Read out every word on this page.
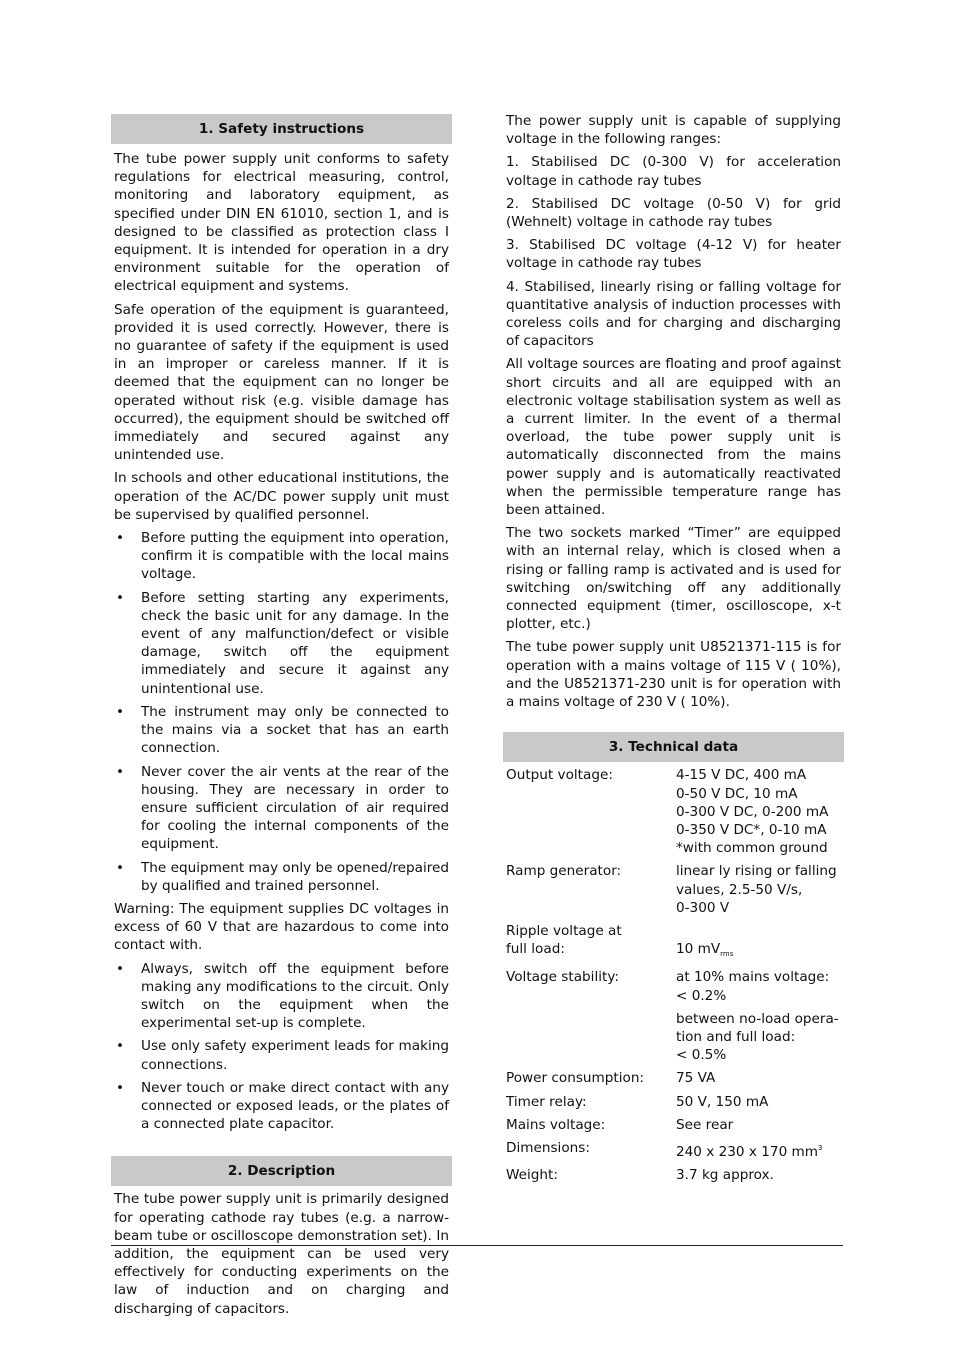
1. Safety instructions

The tube power supply unit conforms to safety regulations for electrical measuring, control, monitoring and laboratory equipment, as specified under DIN EN 61010, section 1, and is designed to be classified as protection class I equipment. It is intended for operation in a dry environment suitable for the operation of electrical equipment and systems.

Safe operation of the equipment is guaranteed, provided it is used correctly. However, there is no guarantee of safety if the equipment is used in an improper or careless manner. If it is deemed that the equipment can no longer be operated without risk (e.g. visible damage has occurred), the equipment should be switched off immediately and secured against any unintended use.

In schools and other educational institutions, the operation of the AC/DC power supply unit must be supervised by qualified personnel.

• Before putting the equipment into operation, confirm it is compatible with the local mains voltage.
• Before setting starting any experiments, check the basic unit for any damage. In the event of any malfunction/defect or visible damage, switch off the equipment immediately and secure it against any unintentional use.
• The instrument may only be connected to the mains via a socket that has an earth connection.
• Never cover the air vents at the rear of the housing. They are necessary in order to ensure sufficient circulation of air required for cooling the internal components of the equipment.
• The equipment may only be opened/repaired by qualified and trained personnel.

Warning: The equipment supplies DC voltages in excess of 60 V that are hazardous to come into contact with.

• Always, switch off the equipment before making any modifications to the circuit. Only switch on the equipment when the experimental set-up is complete.
• Use only safety experiment leads for making connections.
• Never touch or make direct contact with any connected or exposed leads, or the plates of a connected plate capacitor.
2. Description

The tube power supply unit is primarily designed for operating cathode ray tubes (e.g. a narrow-beam tube or oscilloscope demonstration set). In addition, the equipment can be used very effectively for conducting experiments on the law of induction and on charging and discharging of capacitors.

The power supply unit is capable of supplying voltage in the following ranges:

1. Stabilised DC (0-300 V) for acceleration voltage in cathode ray tubes

2. Stabilised DC voltage (0-50 V) for grid (Wehnelt) voltage in cathode ray tubes

3. Stabilised DC voltage (4-12 V) for heater voltage in cathode ray tubes

4. Stabilised, linearly rising or falling voltage for quantitative analysis of induction processes with coreless coils and for charging and discharging of capacitors

All voltage sources are floating and proof against short circuits and all are equipped with an electronic voltage stabilisation system as well as a current limiter. In the event of a thermal overload, the tube power supply unit is automatically disconnected from the mains power supply and is automatically reactivated when the permissible temperature range has been attained.

The two sockets marked “Timer” are equipped with an internal relay, which is closed when a rising or falling ramp is activated and is used for switching on/switching off any additionally connected equipment (timer, oscilloscope, x-t plotter, etc.)

The tube power supply unit U8521371-115 is for operation with a mains voltage of 115 V ( 10%), and the U8521371-230 unit is for operation with a mains voltage of 230 V ( 10%).

3. Technical data
Output voltage:	4-15 V DC, 400 mA
0-50 V DC, 10 mA
0-300 V DC, 0-200 mA
0-350 V DC*, 0-10 mA
*with common ground

Ramp generator:	linear ly rising or falling
values, 2.5-50 V/s,
0-300 V

Ripple voltage at
full load:	10 $mV_{rms}$

Voltage stability:	at 10% mains voltage:
< 0.2%
between no-load opera-
tion and full load:
< 0.5%

Power consumption:	75 VA
Timer relay:	50 V, 150 mA
Mains voltage:	See rear
Dimensions:	240 x 230 x 170 $mm^3$
Weight:	3.7 kg approx.
